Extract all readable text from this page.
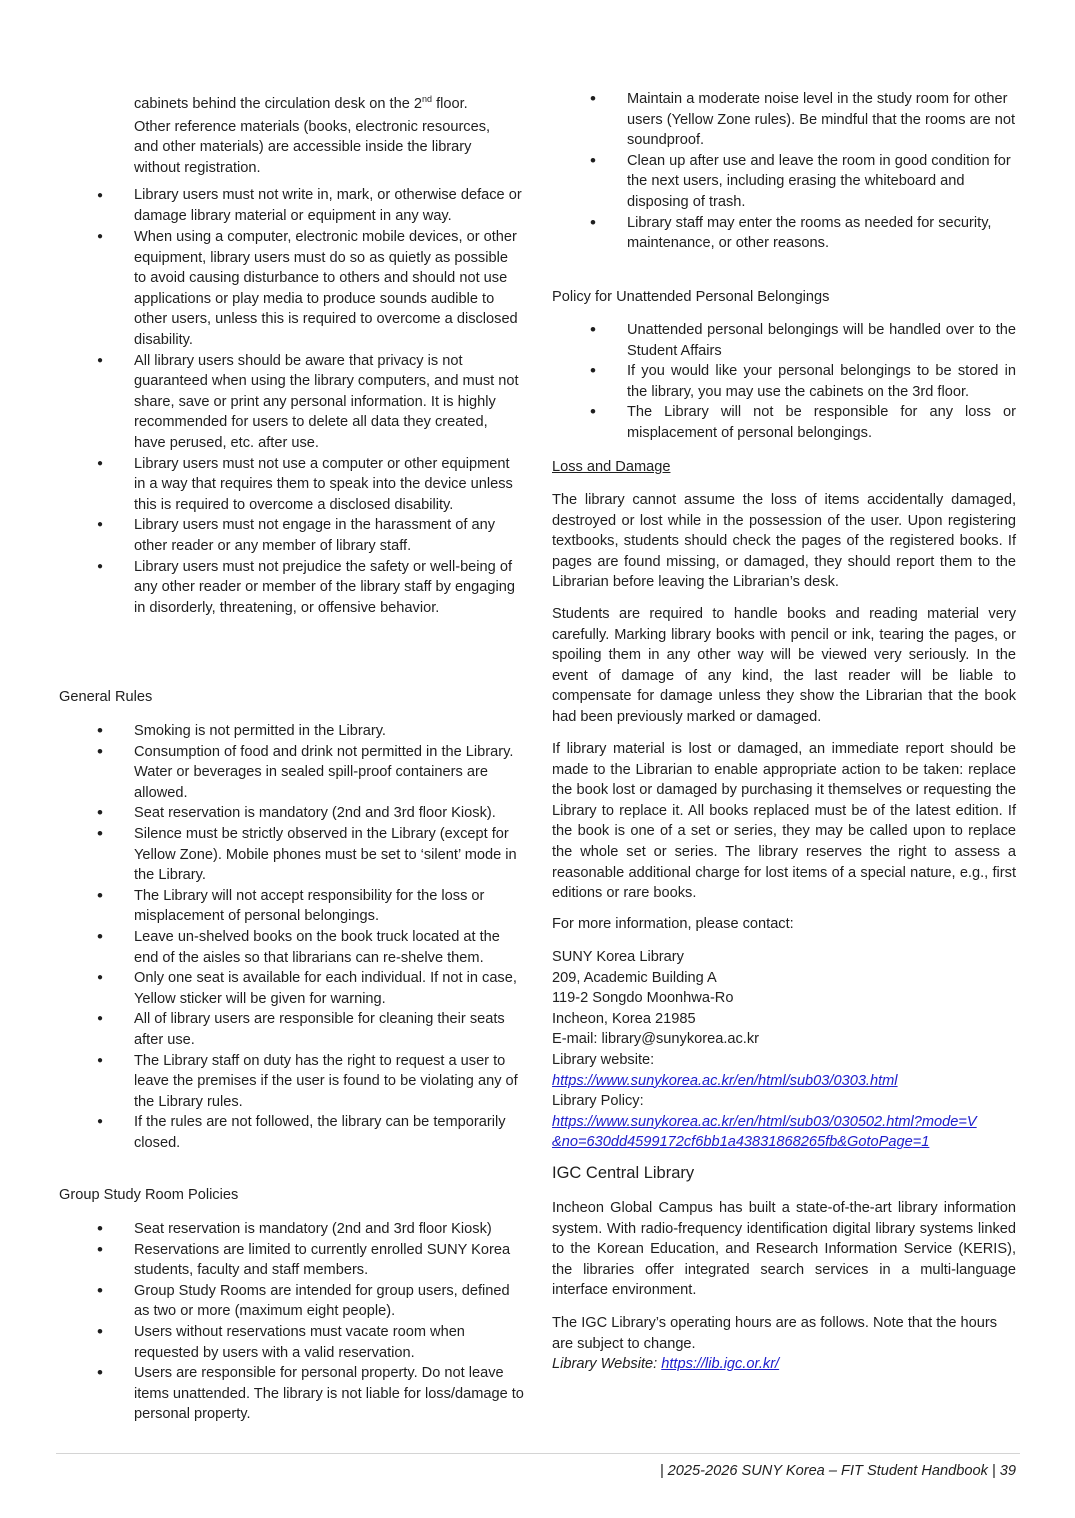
cabinets behind the circulation desk on the 2nd floor.
Other reference materials (books, electronic resources, and other materials) are accessible inside the library without registration.
● Library users must not write in, mark, or otherwise deface or damage library material or equipment in any way.
● When using a computer, electronic mobile devices, or other equipment, library users must do so as quietly as possible to avoid causing disturbance to others and should not use applications or play media to produce sounds audible to other users, unless this is required to overcome a disclosed disability.
● All library users should be aware that privacy is not guaranteed when using the library computers, and must not share, save or print any personal information. It is highly recommended for users to delete all data they created, have perused, etc. after use.
● Library users must not use a computer or other equipment in a way that requires them to speak into the device unless this is required to overcome a disclosed disability.
● Library users must not engage in the harassment of any other reader or any member of library staff.
● Library users must not prejudice the safety or well-being of any other reader or member of the library staff by engaging in disorderly, threatening, or offensive behavior.
General Rules
• Smoking is not permitted in the Library.
• Consumption of food and drink not permitted in the Library. Water or beverages in sealed spill-proof containers are allowed.
• Seat reservation is mandatory (2nd and 3rd floor Kiosk).
• Silence must be strictly observed in the Library (except for Yellow Zone). Mobile phones must be set to ‘silent’ mode in the Library.
• The Library will not accept responsibility for the loss or misplacement of personal belongings.
• Leave un-shelved books on the book truck located at the end of the aisles so that librarians can re-shelve them.
● Only one seat is available for each individual. If not in case, Yellow sticker will be given for warning.
● All of library users are responsible for cleaning their seats after use.
● The Library staff on duty has the right to request a user to leave the premises if the user is found to be violating any of the Library rules.
● If the rules are not followed, the library can be temporarily closed.
Group Study Room Policies
• Seat reservation is mandatory (2nd and 3rd floor Kiosk)
• Reservations are limited to currently enrolled SUNY Korea students, faculty and staff members.
• Group Study Rooms are intended for group users, defined as two or more (maximum eight people).
• Users without reservations must vacate room when requested by users with a valid reservation.
• Users are responsible for personal property. Do not leave items unattended. The library is not liable for loss/damage to personal property.
• Maintain a moderate noise level in the study room for other users (Yellow Zone rules). Be mindful that the rooms are not soundproof.
• Clean up after use and leave the room in good condition for the next users, including erasing the whiteboard and disposing of trash.
• Library staff may enter the rooms as needed for security, maintenance, or other reasons.
Policy for Unattended Personal Belongings
• Unattended personal belongings will be handled over to the Student Affairs
• If you would like your personal belongings to be stored in the library, you may use the cabinets on the 3rd floor.
• The Library will not be responsible for any loss or misplacement of personal belongings.
Loss and Damage
The library cannot assume the loss of items accidentally damaged, destroyed or lost while in the possession of the user. Upon registering textbooks, students should check the pages of the registered books. If pages are found missing, or damaged, they should report them to the Librarian before leaving the Librarian’s desk.
Students are required to handle books and reading material very carefully. Marking library books with pencil or ink, tearing the pages, or spoiling them in any other way will be viewed very seriously. In the event of damage of any kind, the last reader will be liable to compensate for damage unless they show the Librarian that the book had been previously marked or damaged.
If library material is lost or damaged, an immediate report should be made to the Librarian to enable appropriate action to be taken: replace the book lost or damaged by purchasing it themselves or requesting the Library to replace it. All books replaced must be of the latest edition. If the book is one of a set or series, they may be called upon to replace the whole set or series. The library reserves the right to assess a reasonable additional charge for lost items of a special nature, e.g., first editions or rare books.
For more information, please contact:
SUNY Korea Library
209, Academic Building A
119-2 Songdo Moonhwa-Ro
Incheon, Korea 21985
E-mail: library@sunykorea.ac.kr
Library website:
https://www.sunykorea.ac.kr/en/html/sub03/0303.html
Library Policy:
https://www.sunykorea.ac.kr/en/html/sub03/030502.html?mode=V
&no=630dd4599172cf6bb1a43831868265fb&GotoPage=1
IGC Central Library
Incheon Global Campus has built a state-of-the-art library information system. With radio-frequency identification digital library systems linked to the Korean Education, and Research Information Service (KERIS), the libraries offer integrated search services in a multi-language interface environment.
The IGC Library’s operating hours are as follows. Note that the hours are subject to change.
Library Website: https://lib.igc.or.kr/
| 2025-2026 SUNY Korea – FIT Student Handbook | 39
